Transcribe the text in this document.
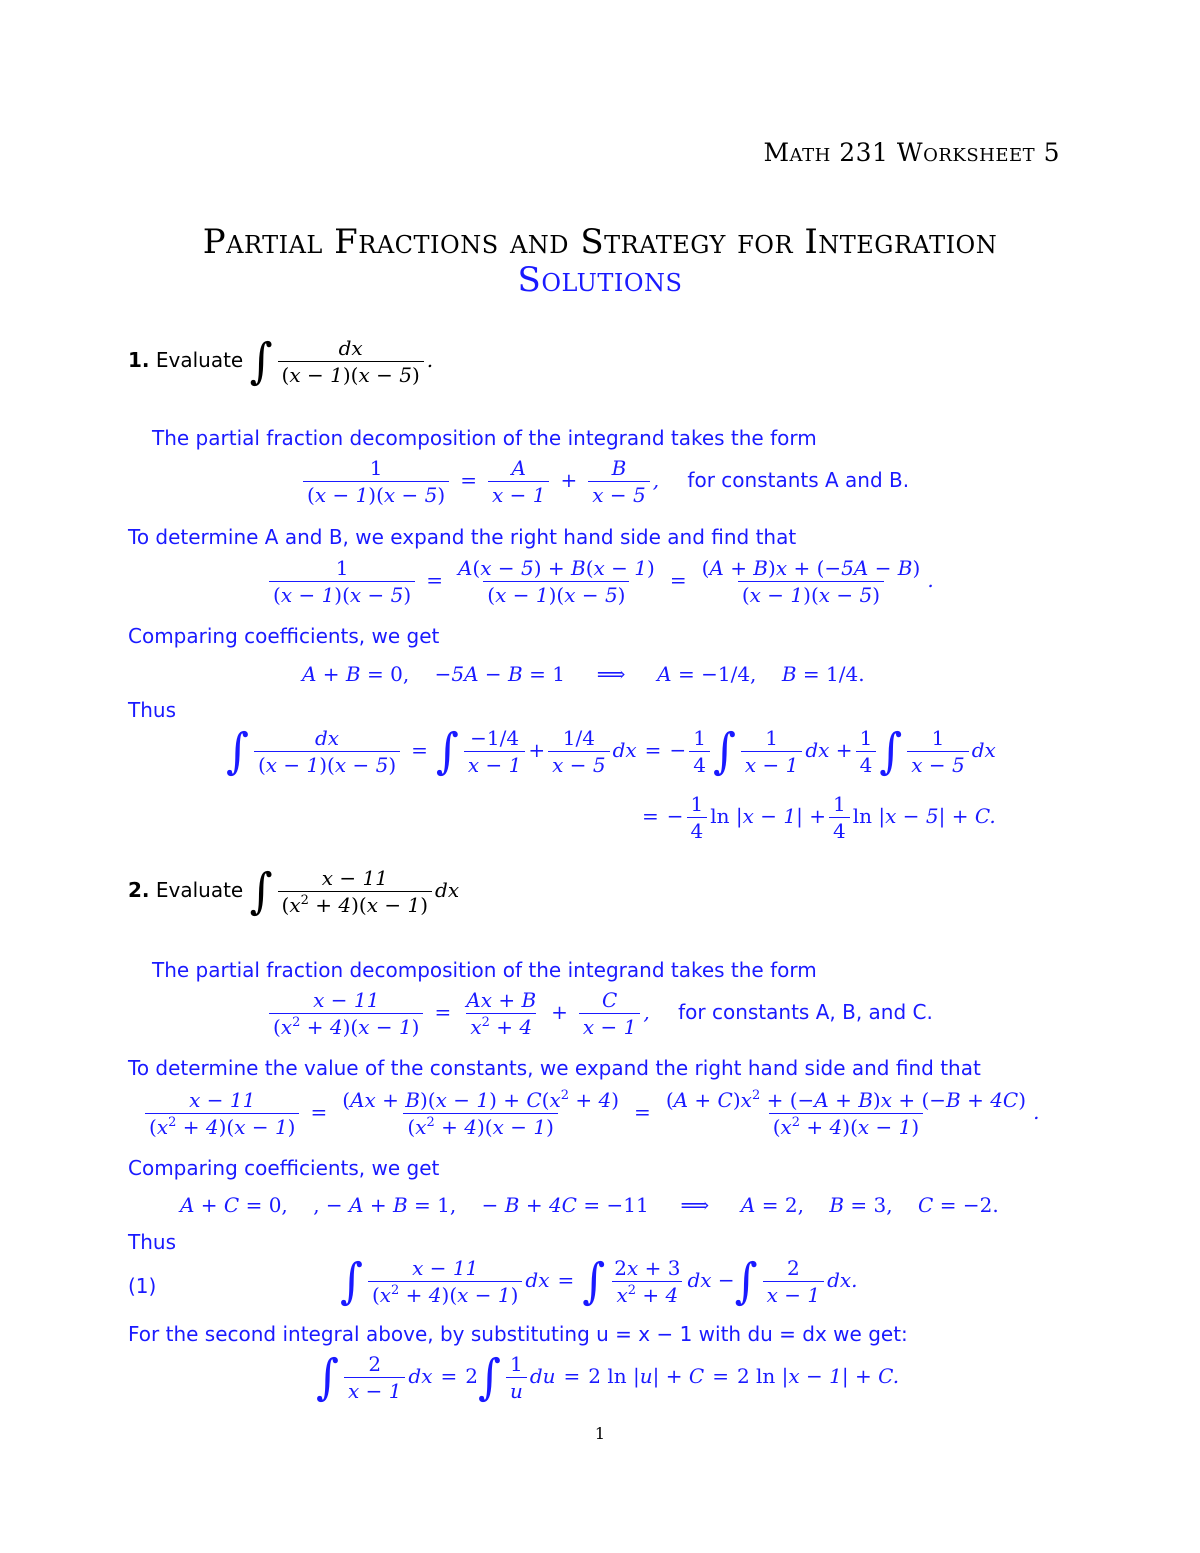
Math 231 Worksheet 5
Partial Fractions and Strategy for Integration
Solutions
1. Evaluate ∫ $\frac{dx}{(x - 1)(x - 5)}$ .
The partial fraction decomposition of the integrand takes the form
$\frac{1}{(x - 1)(x - 5)} = \frac{A}{x - 1} + \frac{B}{x - 5}$ , for constants A and B.
To determine A and B, we expand the right hand side and find that
$\frac{1}{(x - 1)(x - 5)} = \frac{A(x - 5) + B(x - 1)}{(x - 1)(x - 5)} = \frac{(A + B)x + (-5A - B)}{(x - 1)(x - 5)}$ .
Comparing coefficients, we get
A + B = 0,    −5A − B = 1 ⟹     A = −1/4,    B = 1/4.
Thus
∫ $\frac{dx}{(x - 1)(x - 5)}$ = ∫ $\frac{-1/4}{x - 1} + \frac{1/4}{x - 5}$ dx = − $\frac{1}{4}$ ∫ $\frac{1}{x - 1}$ dx + $\frac{1}{4}$ ∫ $\frac{1}{x - 5}$ dx
= − $\frac{1}{4}$ $\ln |x - 1| + \frac{1}{4}$ ln |x − 5| + C.
2. Evaluate ∫ $\frac{x - 11}{(x^2 + 4)(x - 1)}$ dx
The partial fraction decomposition of the integrand takes the form
$\frac{x - 11}{(x^2 + 4)(x - 1)} = \frac{Ax + B}{x^2 + 4} + \frac{C}{x - 1}$ , for constants A, B, and C.
To determine the value of the constants, we expand the right hand side and find that
$\frac{x - 11}{(x^2 + 4)(x - 1)} = \frac{(Ax + B)(x - 1) + C(x^2 + 4)}{(x^2 + 4)(x - 1)} = \frac{(A + C)x^2 + (-A + B)x + (-B + 4C)}{(x^2 + 4)(x - 1)}$ .
Comparing coefficients, we get
A + C = 0, , − A + B = 1,    − B + 4C = −11 ⟹     A = 2,    B = 3,    C = −2.
Thus
(1)	∫ $\frac{x - 11}{(x^2 + 4)(x - 1)}$ dx = ∫ $\frac{2x + 3}{x^2 + 4}$ dx −∫ $\frac{2}{x - 1}$ dx.
For the second integral above, by substituting u = x − 1 with du = dx we get:
∫ $\frac{2}{x - 1}$ dx = $2\int \frac{1}{u}$ du = 2 ln |u| + C = 2 ln |x − 1| + C.
1
